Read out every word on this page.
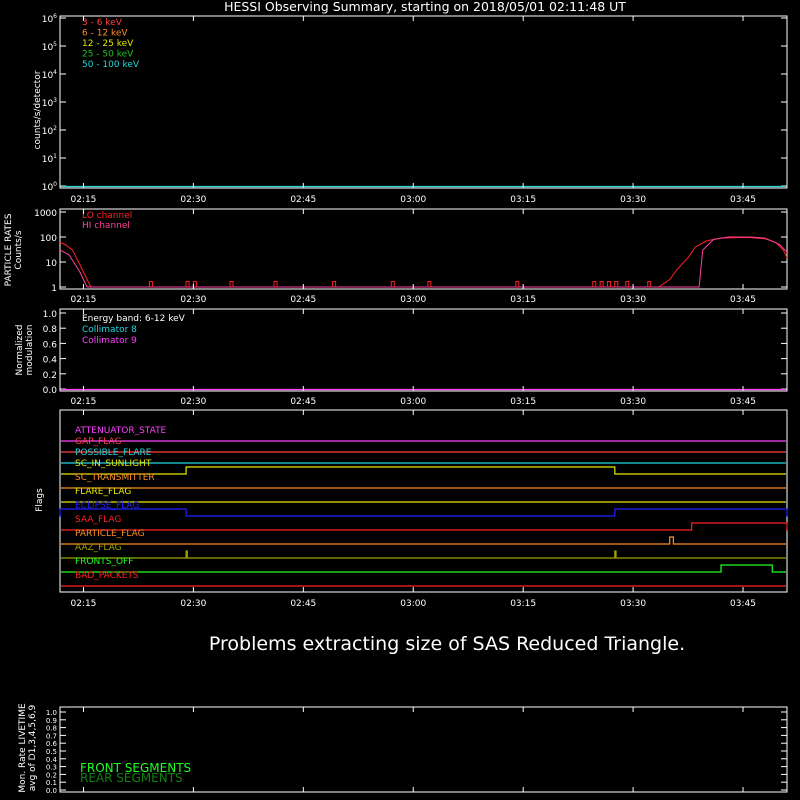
HESSI Observing Summary, starting on 2018/05/01 02:11:48 UT
Problems extracting size of SAS Reduced Triangle.
$10^0$
$10^1$
$10^2$
$10^3$
$10^4$
$10^5$
$10^6$
counts/s/detector
3 - 6 keV
6 - 12 keV
12 - 25 keV
25 - 50 keV
50 - 100 keV
02:15	02:30	02:45	03:00	03:15	03:30	03:45
1
10
100
1000
PARTICLE RATES Counts/s
LO channel
HI channel
02:15	02:30	02:45	03:00	03:15	03:30	03:45
0.0
0.2
0.4
0.6
0.8
1.0
Normalized modulation
Energy band: 6-12 keV
Collimator 8
Collimator 9
02:15	02:30	02:45	03:00	03:15	03:30	03:45
Flags
ATTENUATOR_STATE
GAP_FLAG
POSSIBLE_FLARE
SC_IN_SUNLIGHT
SC_TRANSMITTER
FLARE_FLAG
ECLIPSE_FLAG
SAA_FLAG
PARTICLE_FLAG
AAZ_FLAG
FRONTS_OFF
BAD_PACKETS
02:15	02:30	02:45	03:00	03:15	03:30	03:45
0.0
0.1
0.2
0.3
0.4
0.5
0.6
0.7
0.8
0.9
1.0
Mon. Rate LIVETIME avg of D1,3,4,5,6,9	FRONT SEGMENTS
REAR SEGMENTS
